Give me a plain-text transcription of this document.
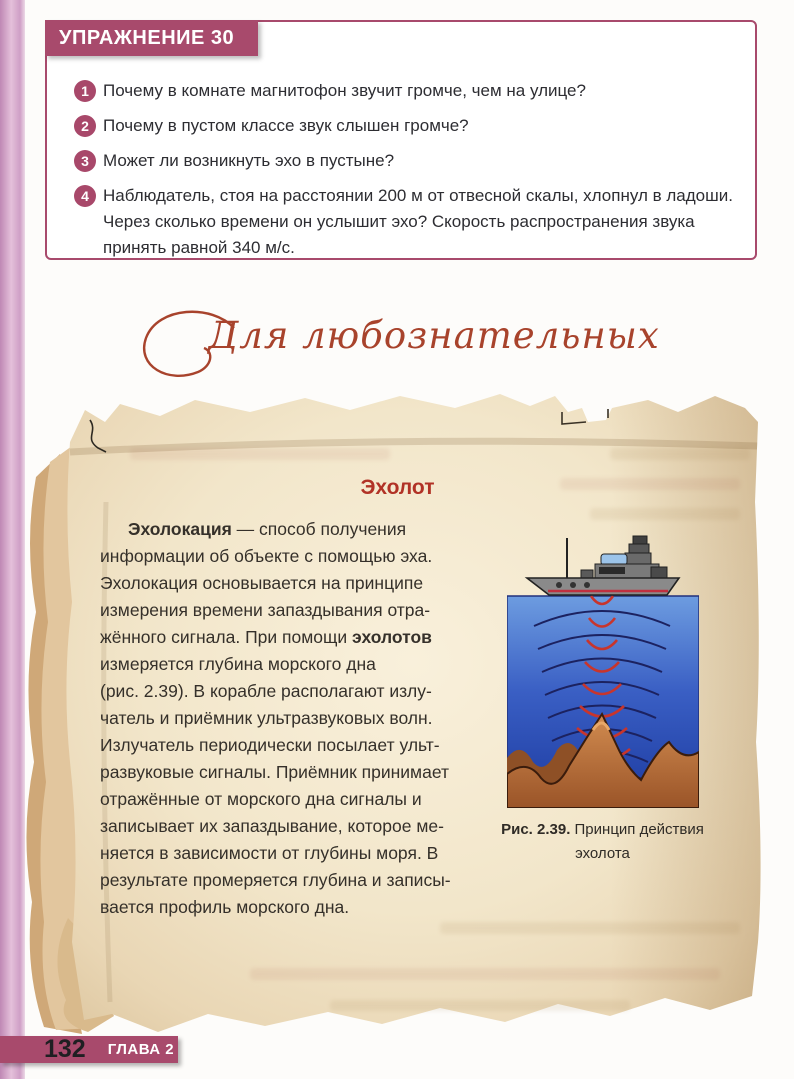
УПРАЖНЕНИЕ 30
1 Почему в комнате магнитофон звучит громче, чем на улице?
2 Почему в пустом классе звук слышен громче?
3 Может ли возникнуть эхо в пустыне?
4 Наблюдатель, стоя на расстоянии 200 м от отвесной скалы, хлопнул в ладоши. Через сколько времени он услышит эхо? Скорость распространения звука принять равной 340 м/с.
Для любознательных
Эхолот
Эхолокация — способ получения
информации об объекте с помощью эха.
Эхолокация основывается на принципе
измерения времени запаздывания отра-
жённого сигнала. При помощи эхолотов
измеряется глубина морского дна
(рис. 2.39). В корабле располагают излу-
чатель и приёмник ультразвуковых волн.
Излучатель периодически посылает ульт-
развуковые сигналы. Приёмник принимает
отражённые от морского дна сигналы и
записывает их запаздывание, которое ме-
няется в зависимости от глубины моря. В
результате промеряется глубина и записы-
вается профиль морского дна.
Рис. 2.39. Принцип действия эхолота
132 ГЛАВА 2
